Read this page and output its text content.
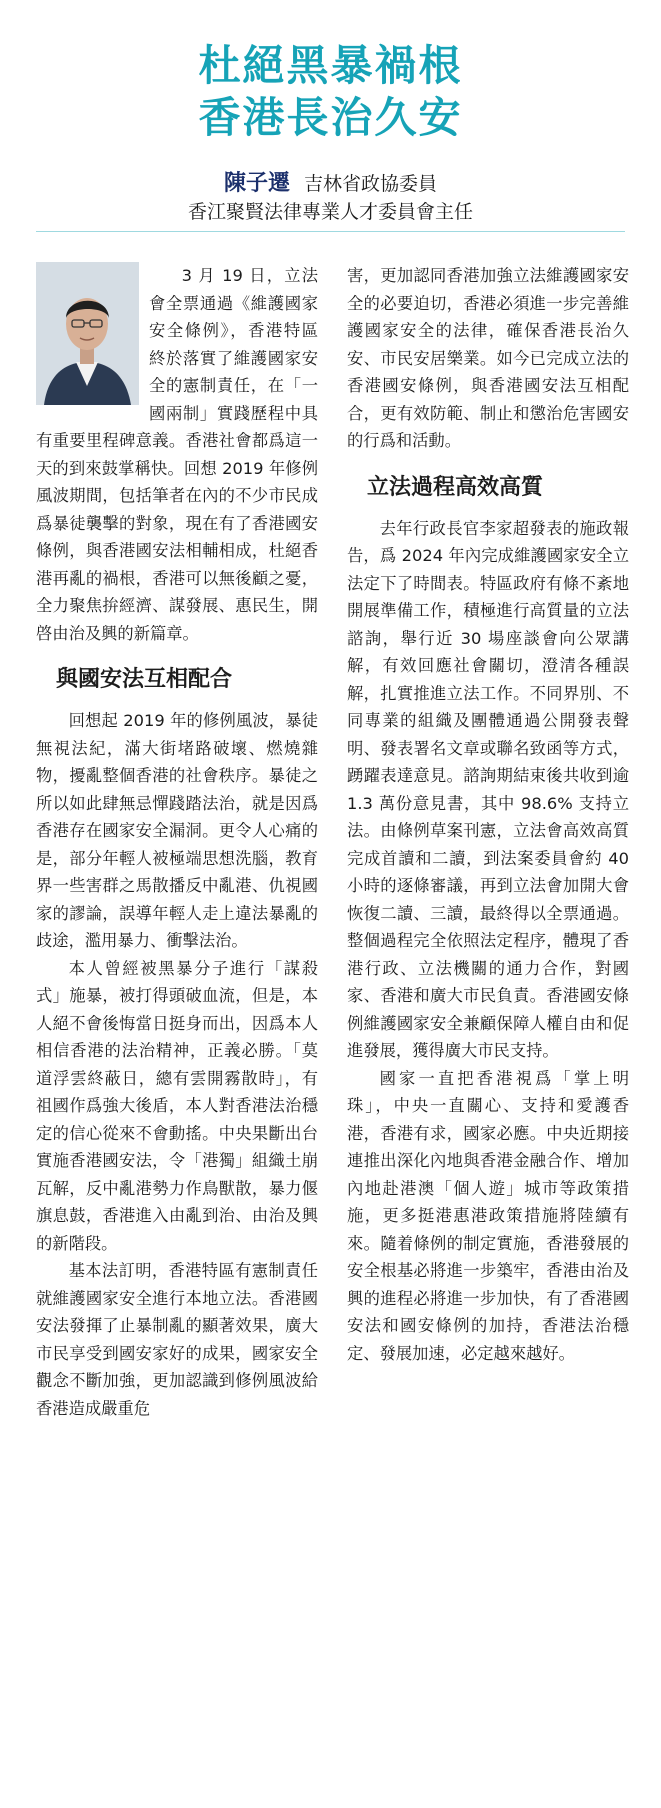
杜絕黑暴禍根
香港長治久安
陳子遷 吉林省政協委員
香江聚賢法律專業人才委員會主任

3 月 19 日，立法會全票通過《維護國家安全條例》，香港特區終於落實了維護國家安全的憲制責任，在「一國兩制」實踐歷程中具有重要里程碑意義。香港社會都爲這一天的到來鼓掌稱快。回想 2019 年修例風波期間，包括筆者在內的不少市民成爲暴徒襲擊的對象，現在有了香港國安條例，與香港國安法相輔相成，杜絕香港再亂的禍根，香港可以無後顧之憂，全力聚焦拚經濟、謀發展、惠民生，開啓由治及興的新篇章。

與國安法互相配合

回想起 2019 年的修例風波，暴徒無視法紀，滿大街堵路破壞、燃燒雜物，擾亂整個香港的社會秩序。暴徒之所以如此肆無忌憚踐踏法治，就是因爲香港存在國家安全漏洞。更令人心痛的是，部分年輕人被極端思想洗腦，教育界一些害群之馬散播反中亂港、仇視國家的謬論，誤導年輕人走上違法暴亂的歧途，濫用暴力、衝擊法治。

本人曾經被黑暴分子進行「謀殺式」施暴，被打得頭破血流，但是，本人絕不會後悔當日挺身而出，因爲本人相信香港的法治精神，正義必勝。「莫道浮雲終蔽日，總有雲開霧散時」，有祖國作爲強大後盾，本人對香港法治穩定的信心從來不會動搖。中央果斷出台實施香港國安法，令「港獨」組織土崩瓦解，反中亂港勢力作鳥獸散，暴力偃旗息鼓，香港進入由亂到治、由治及興的新階段。

基本法訂明，香港特區有憲制責任就維護國家安全進行本地立法。香港國安法發揮了止暴制亂的顯著效果，廣大市民享受到國安家好的成果，國家安全觀念不斷加強，更加認識到修例風波給香港造成嚴重危

害，更加認同香港加強立法維護國家安全的必要迫切，香港必須進一步完善維護國家安全的法律，確保香港長治久安、市民安居樂業。如今已完成立法的香港國安條例，與香港國安法互相配合，更有效防範、制止和懲治危害國安的行爲和活動。

立法過程高效高質

去年行政長官李家超發表的施政報告，爲 2024 年內完成維護國家安全立法定下了時間表。特區政府有條不紊地開展準備工作，積極進行高質量的立法諮詢，舉行近 30 場座談會向公眾講解，有效回應社會關切，澄清各種誤解，扎實推進立法工作。不同界別、不同專業的組織及團體通過公開發表聲明、發表署名文章或聯名致函等方式，踴躍表達意見。諮詢期結束後共收到逾 1.3 萬份意見書，其中 98.6% 支持立法。由條例草案刊憲，立法會高效高質完成首讀和二讀，到法案委員會約 40 小時的逐條審議，再到立法會加開大會恢復二讀、三讀，最終得以全票通過。整個過程完全依照法定程序，體現了香港行政、立法機關的通力合作，對國家、香港和廣大市民負責。香港國安條例維護國家安全兼顧保障人權自由和促進發展，獲得廣大市民支持。

國家一直把香港視爲「掌上明珠」，中央一直關心、支持和愛護香港，香港有求，國家必應。中央近期接連推出深化內地與香港金融合作、增加內地赴港澳「個人遊」城市等政策措施，更多挺港惠港政策措施將陸續有來。隨着條例的制定實施，香港發展的安全根基必將進一步築牢，香港由治及興的進程必將進一步加快，有了香港國安法和國安條例的加持，香港法治穩定、發展加速，必定越來越好。
